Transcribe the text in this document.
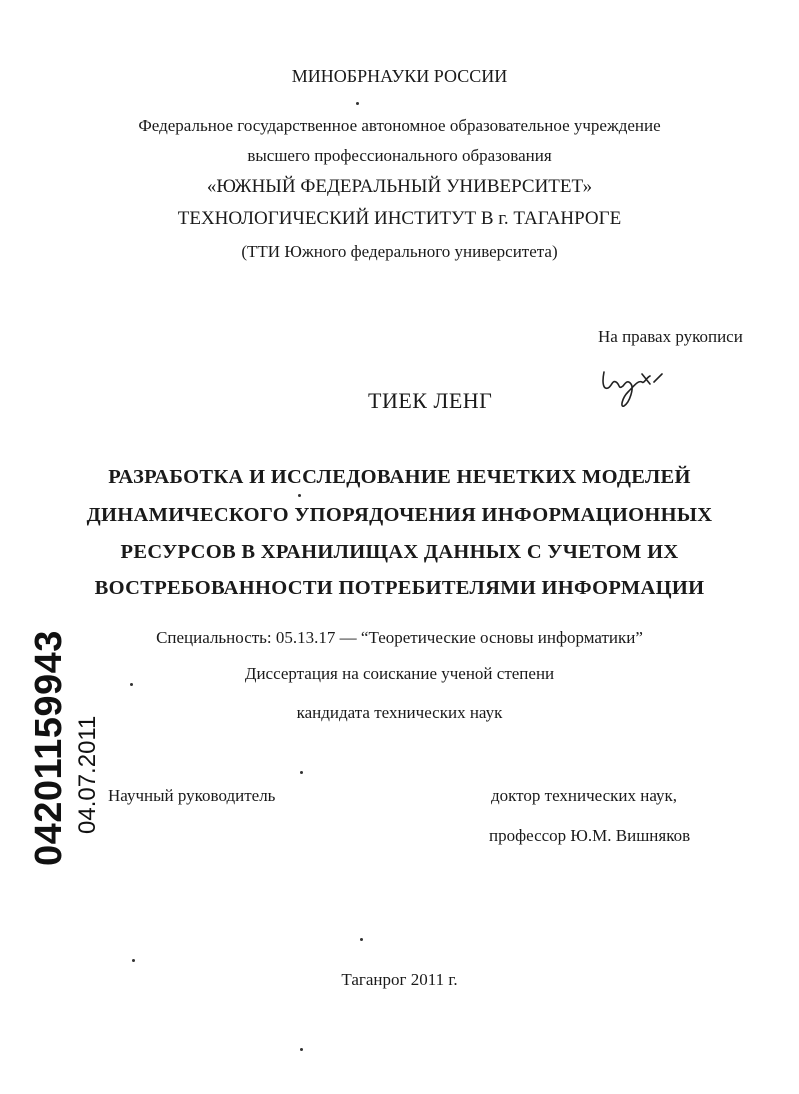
МИНОБРНАУКИ РОССИИ
Федеральное государственное автономное образовательное учреждение
высшего профессионального образования
«ЮЖНЫЙ ФЕДЕРАЛЬНЫЙ УНИВЕРСИТЕТ»
ТЕХНОЛОГИЧЕСКИЙ ИНСТИТУТ В г. ТАГАНРОГЕ
(ТТИ Южного федерального университета)
На правах рукописи
ТИЕК ЛЕНГ
РАЗРАБОТКА И ИССЛЕДОВАНИЕ НЕЧЕТКИХ МОДЕЛЕЙ
ДИНАМИЧЕСКОГО УПОРЯДОЧЕНИЯ ИНФОРМАЦИОННЫХ
РЕСУРСОВ В ХРАНИЛИЩАХ ДАННЫХ С УЧЕТОМ ИХ
ВОСТРЕБОВАННОСТИ ПОТРЕБИТЕЛЯМИ ИНФОРМАЦИИ
Специальность: 05.13.17 — “Теоретические основы информатики”
Диссертация на соискание ученой степени
кандидата технических наук
Научный руководитель	доктор технических наук,
профессор Ю.М. Вишняков
Таганрог 2011 г.
04201159943 04.07.2011
